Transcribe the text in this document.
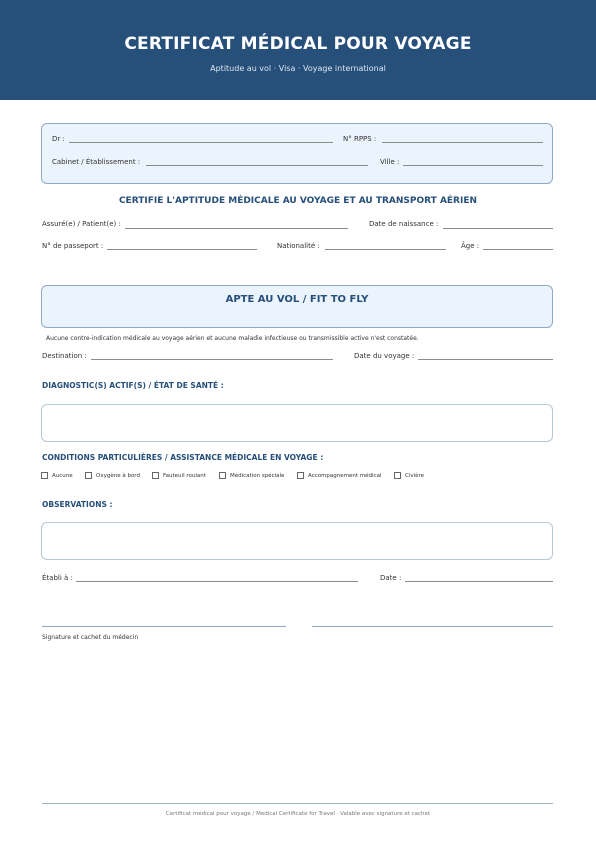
CERTIFICAT MÉDICAL POUR VOYAGE
Aptitude au vol · Visa · Voyage international
Dr :	N° RPPS :
Cabinet / Établissement :	Ville :
CERTIFIE L'APTITUDE MÉDICALE AU VOYAGE ET AU TRANSPORT AÉRIEN
Assuré(e) / Patient(e) :	Date de naissance :
N° de passeport :	Nationalité :	Âge :
APTE AU VOL / FIT TO FLY
Aucune contre-indication médicale au voyage aérien et aucune maladie infectieuse ou transmissible active n'est constatée.
Destination :	Date du voyage :
DIAGNOSTIC(S) ACTIF(S) / ÉTAT DE SANTÉ :
CONDITIONS PARTICULIÈRES / ASSISTANCE MÉDICALE EN VOYAGE :
Aucune	Oxygène à bord	Fauteuil roulant	Médication spéciale	Accompagnement médical	Civière
OBSERVATIONS :
Établi à :	Date :
Signature et cachet du médecin
Certificat médical pour voyage / Medical Certificate for Travel · Valable avec signature et cachet
